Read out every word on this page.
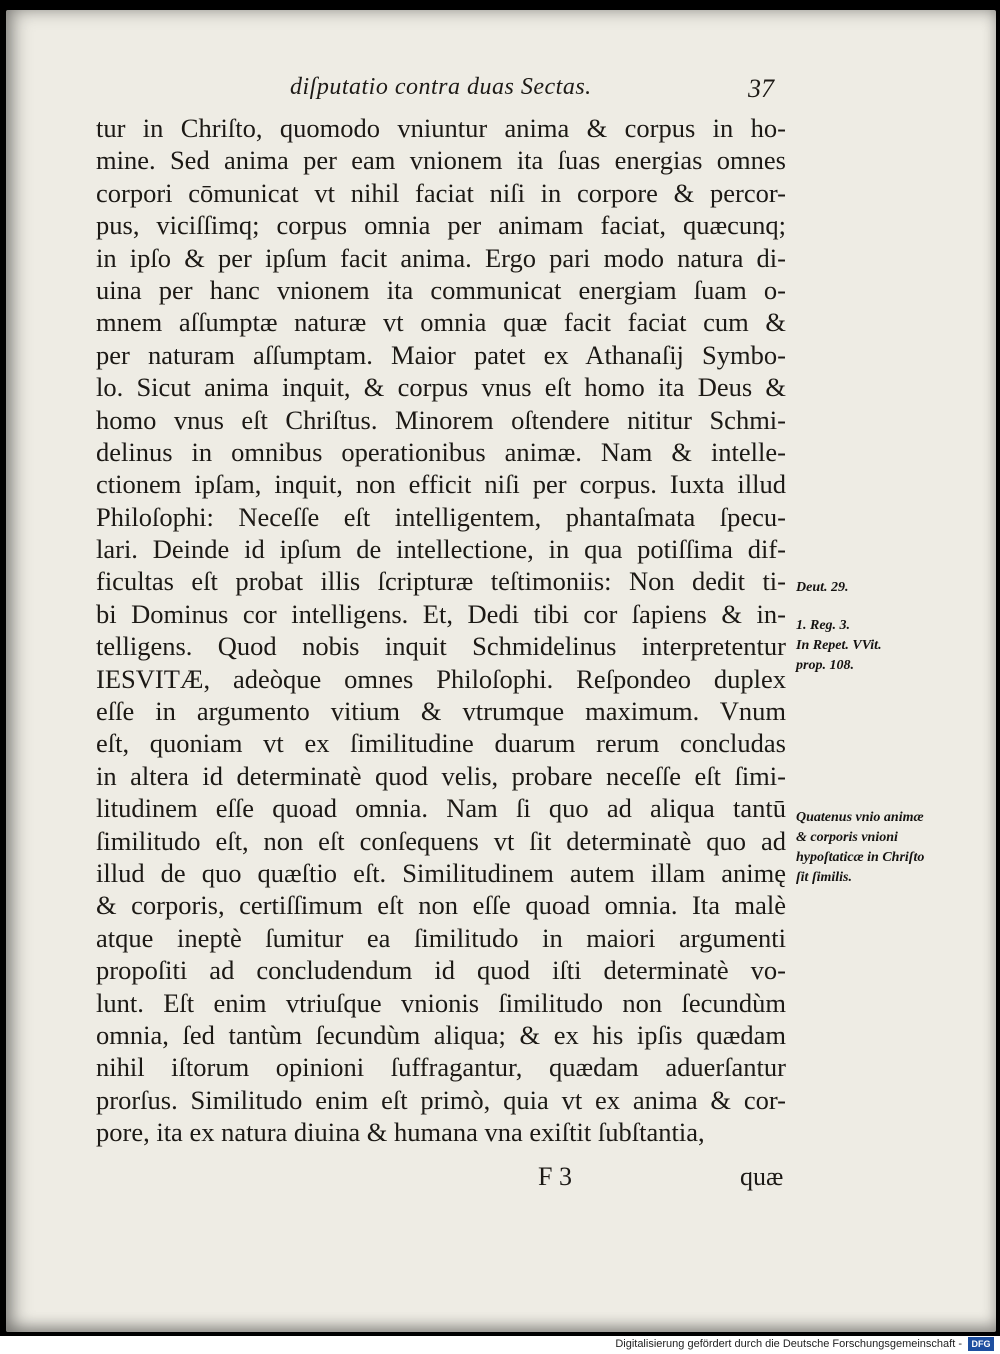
diſputatio contra duas Sectas.	37
tur in Chriſto, quomodo vniuntur anima & corpus in ho-
mine. Sed anima per eam vnionem ita ſuas energias omnes
corpori cōmunicat vt nihil faciat niſi in corpore & percor-
pus, viciſſimq; corpus omnia per animam faciat, quæcunq;
in ipſo & per ipſum facit anima. Ergo pari modo natura di-
uina per hanc vnionem ita communicat energiam ſuam o-
mnem aſſumptæ naturæ vt omnia quæ facit faciat cum &
per naturam aſſumptam. Maior patet ex Athanaſij Symbo-
lo. Sicut anima inquit, & corpus vnus eſt homo ita Deus &
homo vnus eſt Chriſtus. Minorem oſtendere nititur Schmi-
delinus in omnibus operationibus animæ. Nam & intelle-
ctionem ipſam, inquit, non efficit niſi per corpus. Iuxta illud
Philoſophi: Neceſſe eſt intelligentem, phantaſmata ſpecu-
lari. Deinde id ipſum de intellectione, in qua potiſſima dif-
ficultas eſt probat illis ſcripturæ teſtimoniis: Non dedit ti-
bi Dominus cor intelligens. Et, Dedi tibi cor ſapiens & in-
telligens. Quod nobis inquit Schmidelinus interpretentur
IESVITÆ, adeòque omnes Philoſophi. Reſpondeo duplex
eſſe in argumento vitium & vtrumque maximum. Vnum
eſt, quoniam vt ex ſimilitudine duarum rerum concludas
in altera id determinatè quod velis, probare neceſſe eſt ſimi-
litudinem eſſe quoad omnia. Nam ſi quo ad aliqua tantū
ſimilitudo eſt, non eſt conſequens vt ſit determinatè quo ad
illud de quo quæſtio eſt. Similitudinem autem illam animę
& corporis, certiſſimum eſt non eſſe quoad omnia. Ita malè
atque ineptè ſumitur ea ſimilitudo in maiori argumenti
propoſiti ad concludendum id quod iſti determinatè vo-
lunt. Eſt enim vtriuſque vnionis ſimilitudo non ſecundùm
omnia, ſed tantùm ſecundùm aliqua; & ex his ipſis quædam
nihil iſtorum opinioni ſuffragantur, quædam aduerſantur
prorſus. Similitudo enim eſt primò, quia vt ex anima & cor-
pore, ita ex natura diuina & humana vna exiſtit ſubſtantia,
F 3	quæ
Deut. 29.
1. Reg. 3.
In Repet. VVit. prop. 108.
Quatenus vnio animæ & corporis vnioni hypoſtaticæ in Chriſto ſit ſimilis.
Digitalisierung gefördert durch die Deutsche Forschungsgemeinschaft -	DFG
